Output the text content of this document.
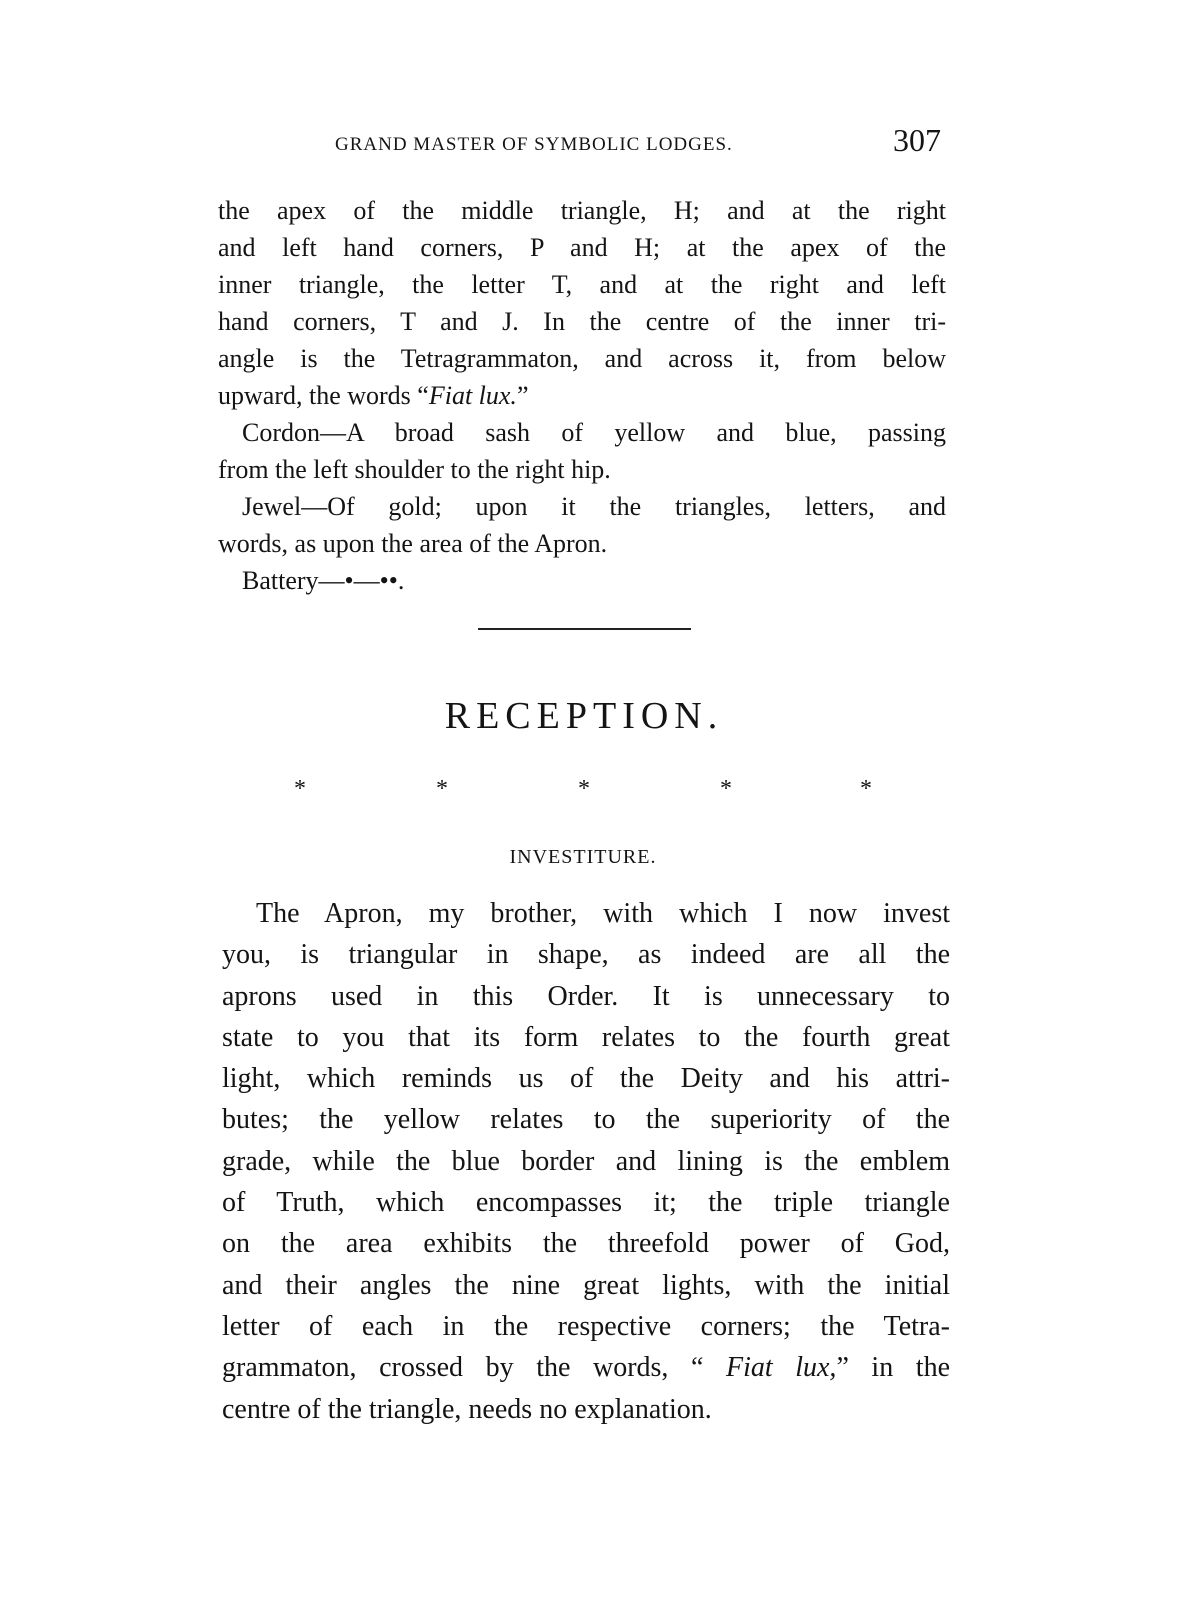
GRAND MASTER OF SYMBOLIC LODGES.	307
the apex of the middle triangle, H; and at the right
and left hand corners, P and H; at the apex of the
inner triangle, the letter T, and at the right and left
hand corners, T and J. In the centre of the inner tri-
angle is the Tetragrammaton, and across it, from below
upward, the words “Fiat lux.”
Cordon—A broad sash of yellow and blue, passing
from the left shoulder to the right hip.
Jewel—Of gold; upon it the triangles, letters, and
words, as upon the area of the Apron.
Battery—•—••.
RECEPTION.
*	*	*	*	*
INVESTITURE.
The Apron, my brother, with which I now invest
you, is triangular in shape, as indeed are all the
aprons used in this Order. It is unnecessary to
state to you that its form relates to the fourth great
light, which reminds us of the Deity and his attri-
butes; the yellow relates to the superiority of the
grade, while the blue border and lining is the emblem
of Truth, which encompasses it; the triple triangle
on the area exhibits the threefold power of God,
and their angles the nine great lights, with the initial
letter of each in the respective corners; the Tetra-
grammaton, crossed by the words, “ Fiat lux,” in the
centre of the triangle, needs no explanation.
